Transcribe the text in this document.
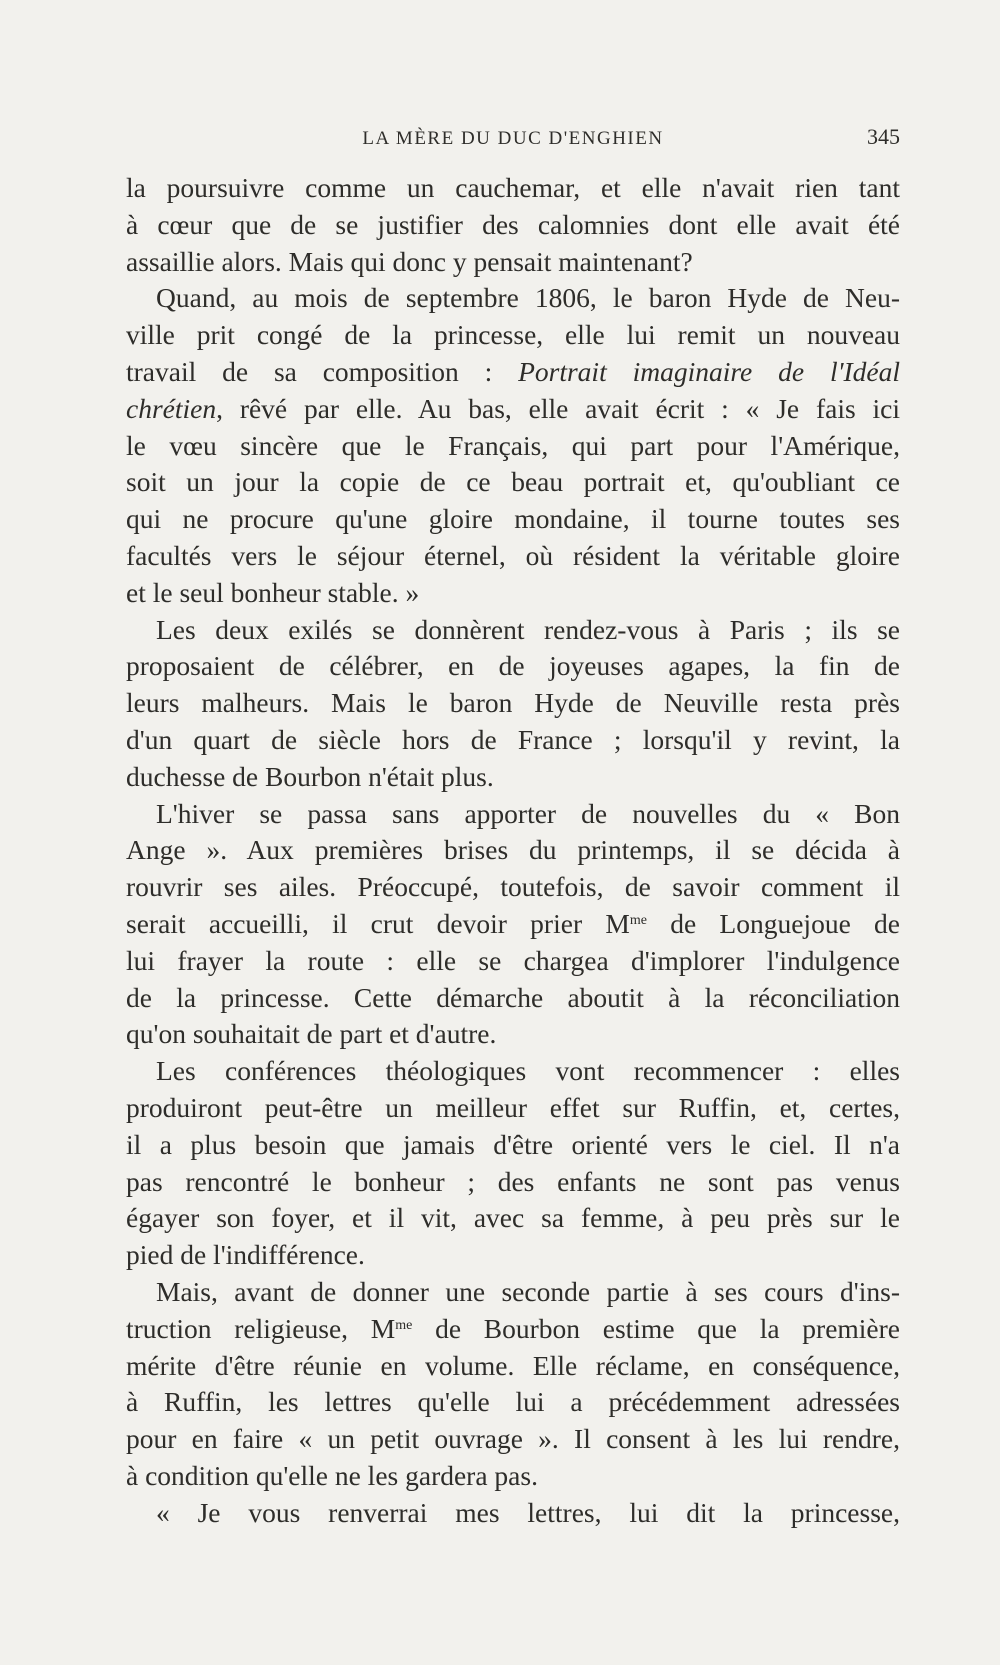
LA MÈRE DU DUC D'ENGHIEN	345
la poursuivre comme un cauchemar, et elle n'avait rien tant
à cœur que de se justifier des calomnies dont elle avait été
assaillie alors. Mais qui donc y pensait maintenant?
Quand, au mois de septembre 1806, le baron Hyde de Neu-
ville prit congé de la princesse, elle lui remit un nouveau
travail de sa composition : Portrait imaginaire de l'Idéal
chrétien, rêvé par elle. Au bas, elle avait écrit : « Je fais ici
le vœu sincère que le Français, qui part pour l'Amérique,
soit un jour la copie de ce beau portrait et, qu'oubliant ce
qui ne procure qu'une gloire mondaine, il tourne toutes ses
facultés vers le séjour éternel, où résident la véritable gloire
et le seul bonheur stable. »
Les deux exilés se donnèrent rendez-vous à Paris ; ils se
proposaient de célébrer, en de joyeuses agapes, la fin de
leurs malheurs. Mais le baron Hyde de Neuville resta près
d'un quart de siècle hors de France ; lorsqu'il y revint, la
duchesse de Bourbon n'était plus.
L'hiver se passa sans apporter de nouvelles du « Bon
Ange ». Aux premières brises du printemps, il se décida à
rouvrir ses ailes. Préoccupé, toutefois, de savoir comment il
serait accueilli, il crut devoir prier $M^{me}$ de Longuejoue de
lui frayer la route : elle se chargea d'implorer l'indulgence
de la princesse. Cette démarche aboutit à la réconciliation
qu'on souhaitait de part et d'autre.
Les conférences théologiques vont recommencer : elles
produiront peut-être un meilleur effet sur Ruffin, et, certes,
il a plus besoin que jamais d'être orienté vers le ciel. Il n'a
pas rencontré le bonheur ; des enfants ne sont pas venus
égayer son foyer, et il vit, avec sa femme, à peu près sur le
pied de l'indifférence.
Mais, avant de donner une seconde partie à ses cours d'ins-
truction religieuse, $M^{me}$ de Bourbon estime que la première
mérite d'être réunie en volume. Elle réclame, en conséquence,
à Ruffin, les lettres qu'elle lui a précédemment adressées
pour en faire « un petit ouvrage ». Il consent à les lui rendre,
à condition qu'elle ne les gardera pas.
« Je vous renverrai mes lettres, lui dit la princesse,
